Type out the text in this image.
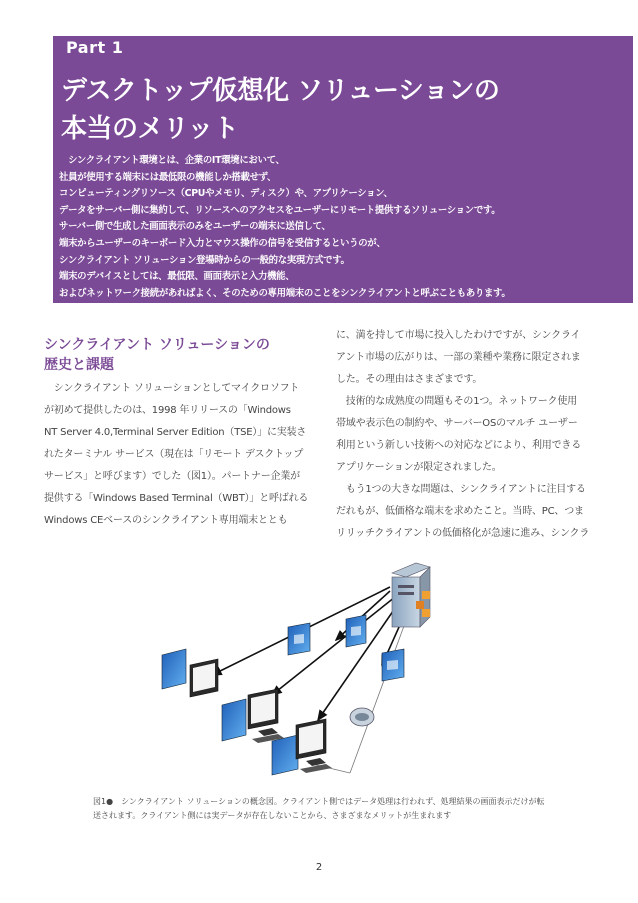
Part 1
デスクトップ仮想化 ソリューションの
本当のメリット
　シンクライアント環境とは、企業のIT環境において、
社員が使用する端末には最低限の機能しか搭載せず、
コンピューティングリソース（CPUやメモリ、ディスク）や、アプリケーション、
データをサーバー側に集約して、リソースへのアクセスをユーザーにリモート提供するソリューションです。
サーバー側で生成した画面表示のみをユーザーの端末に送信して、
端末からユーザーのキーボード入力とマウス操作の信号を受信するというのが、
シンクライアント ソリューション登場時からの一般的な実現方式です。
端末のデバイスとしては、最低限、画面表示と入力機能、
およびネットワーク接続があればよく、そのための専用端末のことをシンクライアントと呼ぶこともあります。
シンクライアント ソリューションの
歴史と課題
　シンクライアント ソリューションとしてマイクロソフト
が初めて提供したのは、1998 年リリースの「Windows
NT Server 4.0,Terminal Server Edition（TSE）」に実装さ
れたターミナル サービス（現在は「リモート デスクトップ
サービス」と呼びます）でした（図1）。パートナー企業が
提供する「Windows Based Terminal（WBT）」と呼ばれる
Windows CEベースのシンクライアント専用端末ととも
に、満を持して市場に投入したわけですが、シンクライ
アント市場の広がりは、一部の業種や業務に限定されま
した。その理由はさまざまです。
　技術的な成熟度の問題もその1つ。ネットワーク使用
帯域や表示色の制約や、サーバーOSのマルチ ユーザー
利用という新しい技術への対応などにより、利用できる
アプリケーションが限定されました。
　もう1つの大きな問題は、シンクライアントに注目する
だれもが、低価格な端末を求めたこと。当時、PC、つま
リリッチクライアントの低価格化が急速に進み、シンクラ
図1●　シンクライアント ソリューションの概念図。クライアント側ではデータ処理は行われず、処理結果の画面表示だけが転
送されます。クライアント側には実データが存在しないことから、さまざまなメリットが生まれます
2
